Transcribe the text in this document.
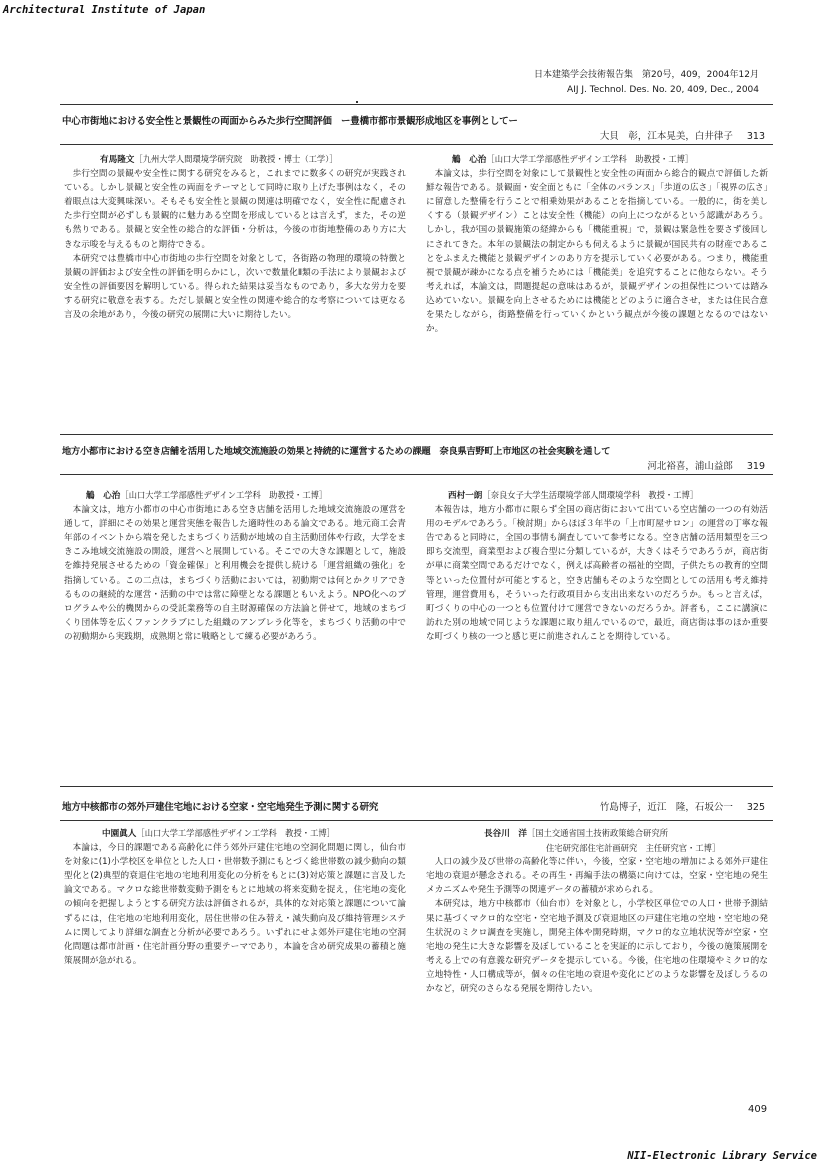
Architectural Institute of Japan
日本建築学会技術報告集　第20号，409，2004年12月
AIJ J. Technol. Des. No. 20, 409, Dec., 2004
中心市街地における安全性と景観性の両面からみた歩行空間評価　ー豊橋市都市景観形成地区を事例としてー
大貝　彰，江本晃美，白井律子 313
有馬隆文［九州大学人間環境学研究院　助教授・博士（工学）］

歩行空間の景観や安全性に関する研究をみると，これまでに数多くの研究が実践されている。しかし景観と安全性の両面をテーマとして同時に取り上げた事例はなく，その着眼点は大変興味深い。そもそも安全性と景観の関連は明確でなく，安全性に配慮された歩行空間が必ずしも景観的に魅力ある空間を形成しているとは言えず，また，その逆も然りである。景観と安全性の総合的な評価・分析は，今後の市街地整備のあり方に大きな示唆を与えるものと期待できる。

本研究では豊橋市中心市街地の歩行空間を対象として，各街路の物理的環境の特徴と景観の評価および安全性の評価を明らかにし，次いで数量化Ⅱ類の手法により景観および安全性の評価要因を解明している。得られた結果は妥当なものであり，多大な労力を要する研究に敬意を表する。ただし景観と安全性の関連や総合的な考察については更なる言及の余地があり，今後の研究の展開に大いに期待したい。

鵤　心治［山口大学工学部感性デザイン工学科　助教授・工博］

本論文は，歩行空間を対象にして景観性と安全性の両面から総合的観点で評価した新鮮な報告である。景観面・安全面ともに「全体のバランス」「歩道の広さ」「視界の広さ」に留意した整備を行うことで相乗効果があることを指摘している。一般的に，街を美しくする（景観デザイン）ことは安全性（機能）の向上につながるという認識があろう。しかし，我が国の景観施策の経緯からも「機能重視」で，景観は緊急性を要さず後回しにされてきた。本年の景観法の制定からも伺えるように景観が国民共有の財産であることをふまえた機能と景観デザインのあり方を提示していく必要がある。つまり，機能重視で景観が疎かになる点を補うためには「機能美」を追究することに他ならない。そう考えれば，本論文は，問題提起の意味はあるが，景観デザインの担保性については踏み込めていない。景観を向上させるためには機能とどのように適合させ，または住民合意を果たしながら，街路整備を行っていくかという観点が今後の課題となるのではないか。

地方小都市における空き店舗を活用した地域交流施設の効果と持続的に運営するための課題　奈良県吉野町上市地区の社会実験を通して
河北裕喜，浦山益郎 319
鵤　心治［山口大学工学部感性デザイン工学科　助教授・工博］

本論文は，地方小都市の中心市街地にある空き店舗を活用した地域交流施設の運営を通して，詳細にその効果と運営実態を報告した適時性のある論文である。地元商工会青年部のイベントから端を発したまちづくり活動が地域の自主活動団体や行政，大学をまきこみ地域交流施設の開設，運営へと展開している。そこでの大きな課題として，施設を維持発展させるための「資金確保」と利用機会を提供し続ける「運営組織の強化」を指摘している。この二点は，まちづくり活動においては，初動期では何とかクリアできるものの継続的な運営・活動の中では常に障壁となる課題ともいえよう。NPO化へのプログラムや公的機関からの受託業務等の自主財源確保の方法論と併せて，地域のまちづくり団体等を広くファンクラブにした組織のアンブレラ化等を，まちづくり活動の中での初動期から実践期，成熟期と常に戦略として練る必要があろう。

西村一朗［奈良女子大学生活環境学部人間環境学科　教授・工博］

本報告は，地方小都市に限らず全国の商店街において出ている空店舗の一つの有効活用のモデルであろう。「検討期」からほぼ３年半の「上市町屋サロン」の運営の丁寧な報告であると同時に，全国の事情も調査していて参考になる。空き店舗の活用類型を三つ即ち交流型，商業型および複合型に分類しているが，大きくはそうであろうが，商店街が単に商業空間であるだけでなく，例えば高齢者の福祉的空間，子供たちの教育的空間等といった位置付が可能とすると，空き店舗もそのような空間としての活用も考え維持管理，運営費用も，そういった行政項目から支出出来ないのだろうか。もっと言えば，町づくりの中心の一つとも位置付けて運営できないのだろうか。評者も，ここに講演に訪れた別の地域で同じような課題に取り組んでいるので，最近，商店街は事のほか重要な町づくり核の一つと感じ更に前進されんことを期待している。

地方中核都市の郊外戸建住宅地における空家・空宅地発生予測に関する研究	竹島博子，近江　隆，石坂公一 325
中園眞人［山口大学工学部感性デザイン工学科　教授・工博］

本論は，今日的課題である高齢化に伴う郊外戸建住宅地の空洞化問題に関し，仙台市を対象に(1)小学校区を単位とした人口・世帯数予測にもとづく総世帯数の減少動向の類型化と(2)典型的衰退住宅地の宅地利用変化の分析をもとに(3)対応策と課題に言及した論文である。マクロな総世帯数変動予測をもとに地域の将来変動を捉え，住宅地の変化の傾向を把握しようとする研究方法は評価されるが，具体的な対応策と課題について論ずるには，住宅地の宅地利用変化，居住世帯の住み替え・減失動向及び維持管理システムに関してより詳細な調査と分析が必要であろう。いずれにせよ郊外戸建住宅地の空洞化問題は都市計画・住宅計画分野の重要テーマであり，本論を含め研究成果の蓄積と施策展開が急がれる。

長谷川　洋［国土交通省国土技術政策総合研究所
住宅研究部住宅計画研究　主任研究官・工博］

人口の減少及び世帯の高齢化等に伴い，今後，空家・空宅地の増加による郊外戸建住宅地の衰退が懸念される。その再生・再編手法の構築に向けては，空家・空宅地の発生メカニズムや発生予測等の関連データの蓄積が求められる。

本研究は，地方中核都市（仙台市）を対象とし，小学校区単位での人口・世帯予測結果に基づくマクロ的な空宅・空宅地予測及び衰退地区の戸建住宅地の空地・空宅地の発生状況のミクロ調査を実施し，開発主体や開発時期，マクロ的な立地状況等が空家・空宅地の発生に大きな影響を及ぼしていることを実証的に示しており，今後の施策展開を考える上での有意義な研究データを提示している。今後，住宅地の住環境やミクロ的な立地特性・人口構成等が，個々の住宅地の衰退や変化にどのような影響を及ぼしうるのかなど，研究のさらなる発展を期待したい。

409
NII-Electronic Library Service
